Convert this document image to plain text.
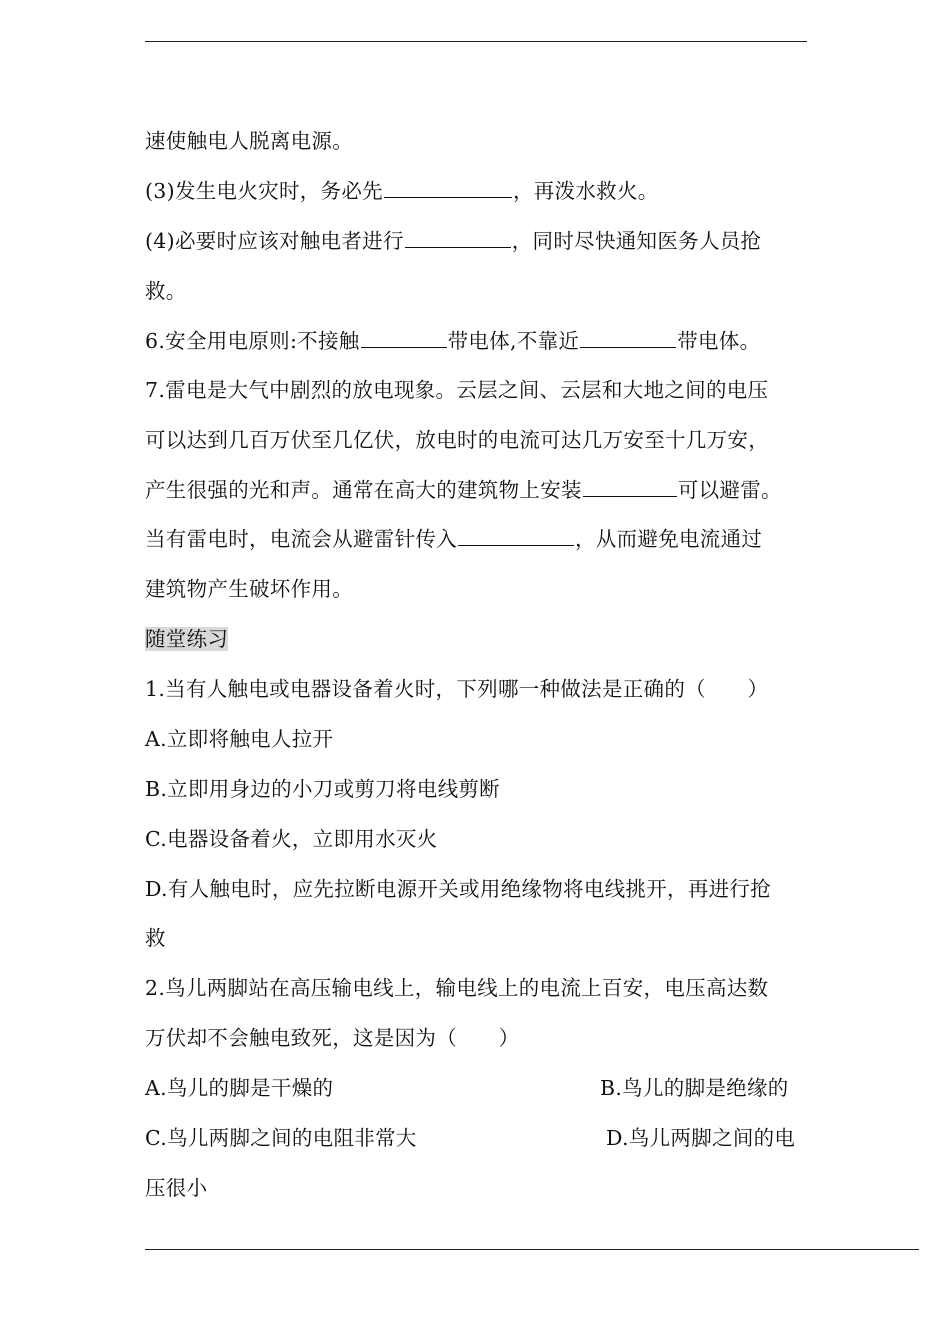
速使触电人脱离电源。
(3)发生电火灾时，务必先	，再泼水救火。
(4)必要时应该对触电者进行	，同时尽快通知医务人员抢
救。
6.安全用电原则:不接触	带电体,不靠近	带电体。
7.雷电是大气中剧烈的放电现象。云层之间、云层和大地之间的电压
可以达到几百万伏至几亿伏，放电时的电流可达几万安至十几万安，
产生很强的光和声。通常在高大的建筑物上安装	可以避雷。
当有雷电时，电流会从避雷针传入	，从而避免电流通过
建筑物产生破坏作用。
随堂练习
1.当有人触电或电器设备着火时，下列哪一种做法是正确的（　　）
A.立即将触电人拉开
B.立即用身边的小刀或剪刀将电线剪断
C.电器设备着火，立即用水灭火
D.有人触电时，应先拉断电源开关或用绝缘物将电线挑开，再进行抢
救
2.鸟儿两脚站在高压输电线上，输电线上的电流上百安，电压高达数
万伏却不会触电致死，这是因为（　　）
A.鸟儿的脚是干燥的	B.鸟儿的脚是绝缘的
C.鸟儿两脚之间的电阻非常大	D.鸟儿两脚之间的电
压很小
